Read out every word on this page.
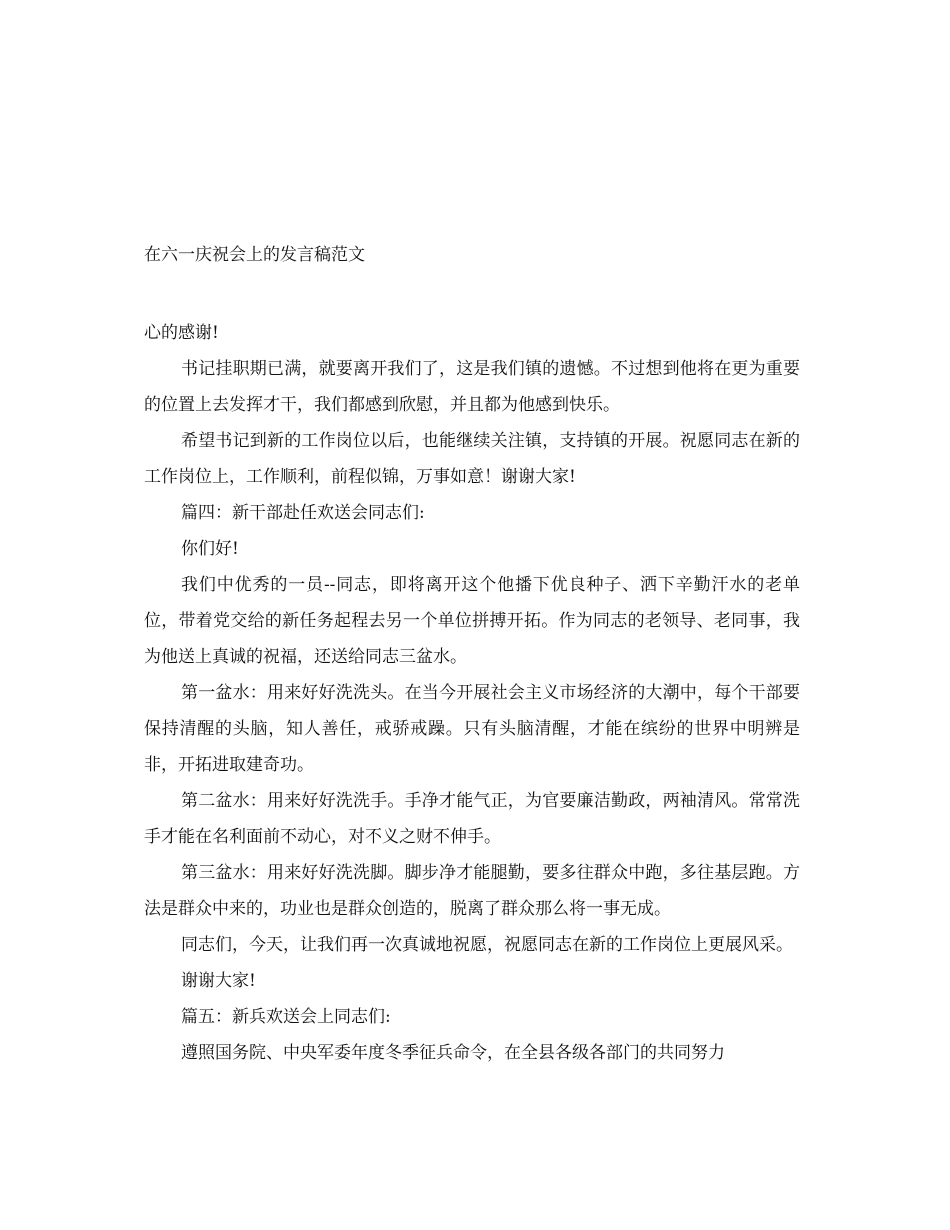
在六一庆祝会上的发言稿范文

心的感谢!

书记挂职期已满，就要离开我们了，这是我们镇的遗憾。不过想到他将在更为重要的位置上去发挥才干，我们都感到欣慰，并且都为他感到快乐。

希望书记到新的工作岗位以后，也能继续关注镇，支持镇的开展。祝愿同志在新的工作岗位上，工作顺利，前程似锦，万事如意！谢谢大家!

篇四：新干部赴任欢送会同志们:

你们好!

我们中优秀的一员--同志，即将离开这个他播下优良种子、洒下辛勤汗水的老单位，带着党交给的新任务起程去另一个单位拼搏开拓。作为同志的老领导、老同事，我为他送上真诚的祝福，还送给同志三盆水。

第一盆水：用来好好洗洗头。在当今开展社会主义市场经济的大潮中，每个干部要保持清醒的头脑，知人善任，戒骄戒躁。只有头脑清醒，才能在缤纷的世界中明辨是非，开拓进取建奇功。

第二盆水：用来好好洗洗手。手净才能气正，为官要廉洁勤政，两袖清风。常常洗手才能在名利面前不动心，对不义之财不伸手。

第三盆水：用来好好洗洗脚。脚步净才能腿勤，要多往群众中跑，多往基层跑。方法是群众中来的，功业也是群众创造的，脱离了群众那么将一事无成。

同志们，今天，让我们再一次真诚地祝愿，祝愿同志在新的工作岗位上更展风采。

谢谢大家!

篇五：新兵欢送会上同志们:

遵照国务院、中央军委年度冬季征兵命令，在全县各级各部门的共同努力
